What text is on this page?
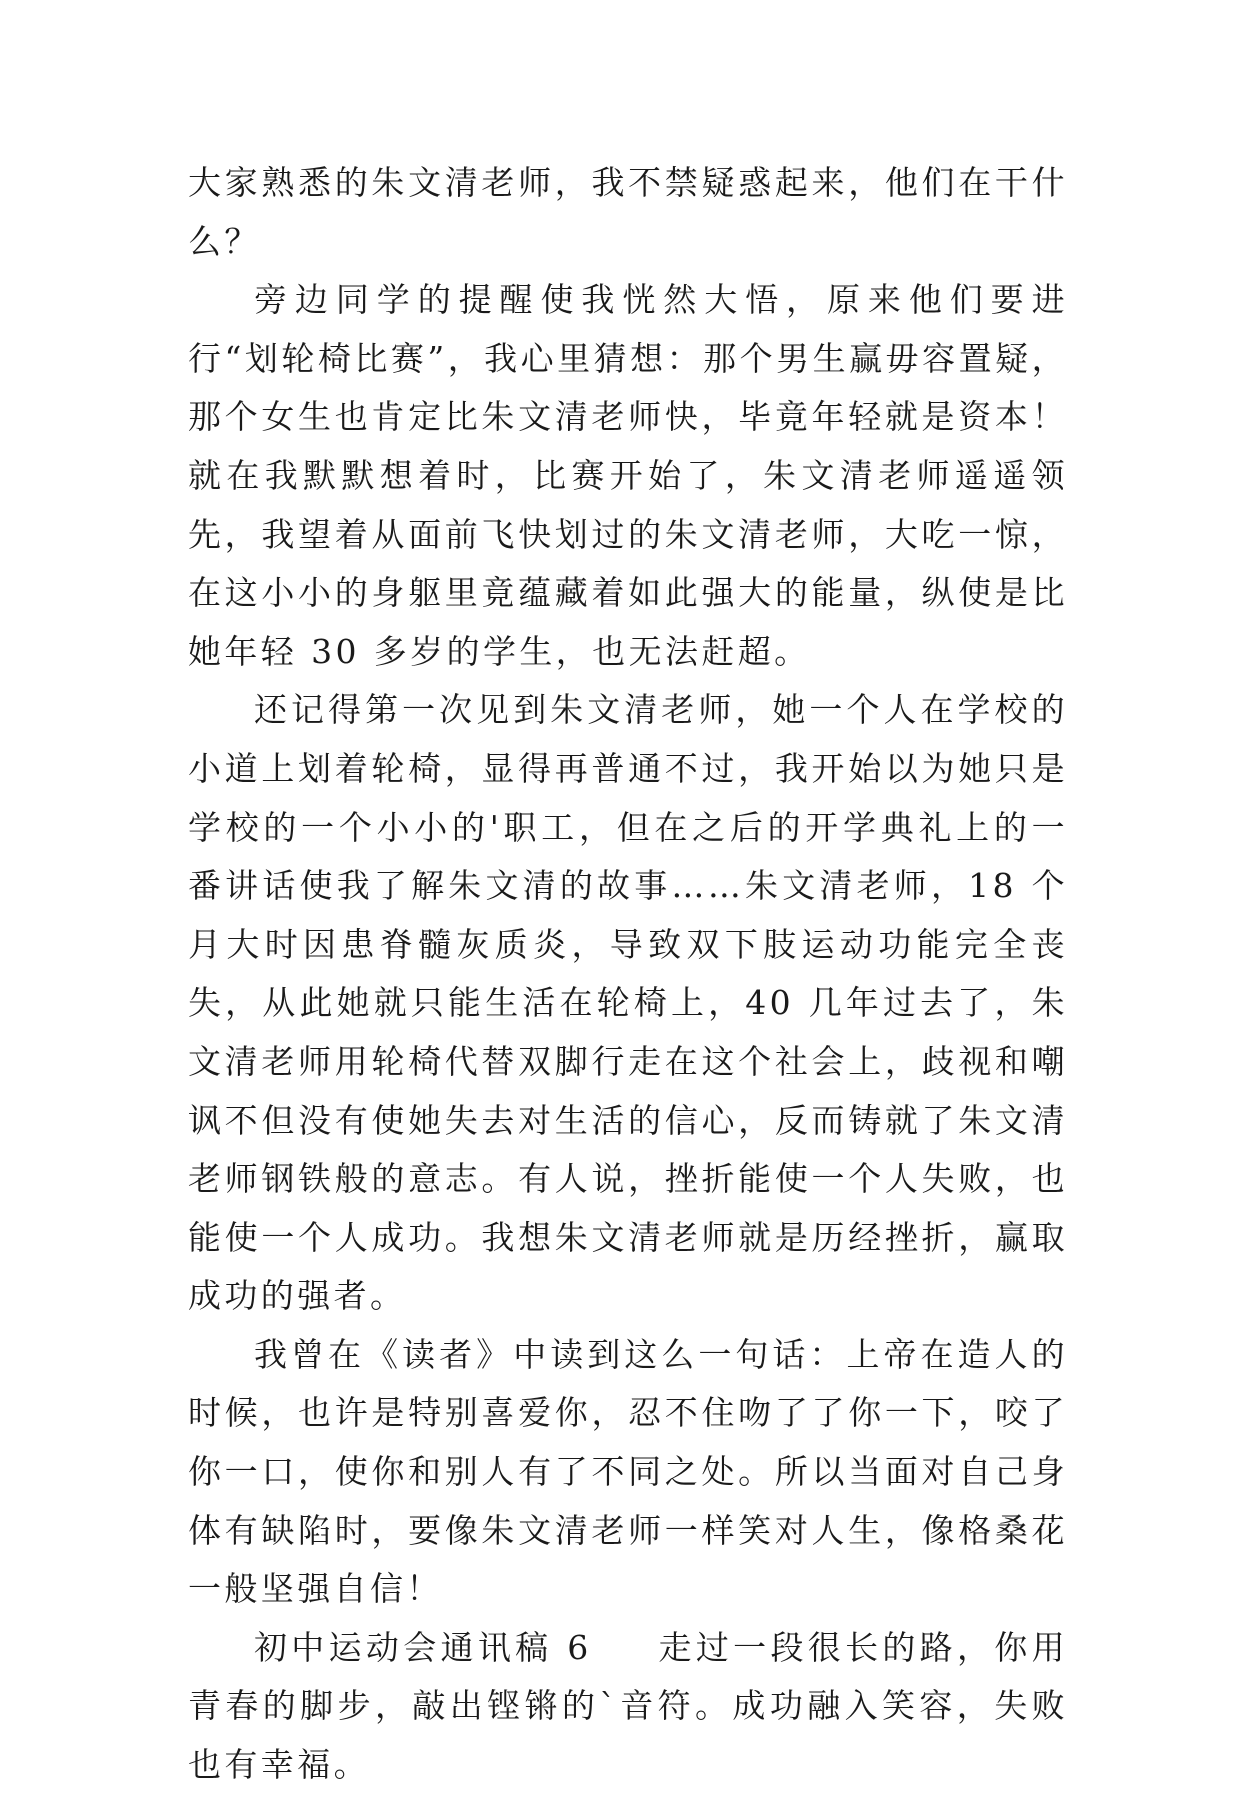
大家熟悉的朱文清老师，我不禁疑惑起来，他们在干什么？

旁边同学的提醒使我恍然大悟，原来他们要进行“划轮椅比赛”，我心里猜想：那个男生赢毋容置疑，那个女生也肯定比朱文清老师快，毕竟年轻就是资本！就在我默默想着时，比赛开始了，朱文清老师遥遥领先，我望着从面前飞快划过的朱文清老师，大吃一惊，在这小小的身躯里竟蕴藏着如此强大的能量，纵使是比她年轻 30 多岁的学生，也无法赶超。

还记得第一次见到朱文清老师，她一个人在学校的小道上划着轮椅，显得再普通不过，我开始以为她只是学校的一个小小的'职工，但在之后的开学典礼上的一番讲话使我了解朱文清的故事……朱文清老师，18 个月大时因患脊髓灰质炎，导致双下肢运动功能完全丧失，从此她就只能生活在轮椅上，40 几年过去了，朱文清老师用轮椅代替双脚行走在这个社会上，歧视和嘲讽不但没有使她失去对生活的信心，反而铸就了朱文清老师钢铁般的意志。有人说，挫折能使一个人失败，也能使一个人成功。我想朱文清老师就是历经挫折，赢取成功的强者。

我曾在《读者》中读到这么一句话：上帝在造人的时候，也许是特别喜爱你，忍不住吻了了你一下，咬了你一口，使你和别人有了不同之处。所以当面对自己身体有缺陷时，要像朱文清老师一样笑对人生，像格桑花一般坚强自信！

初中运动会通讯稿 6 走过一段很长的路，你用青春的脚步，敲出铿锵的`音符。成功融入笑容，失败也有幸福。
